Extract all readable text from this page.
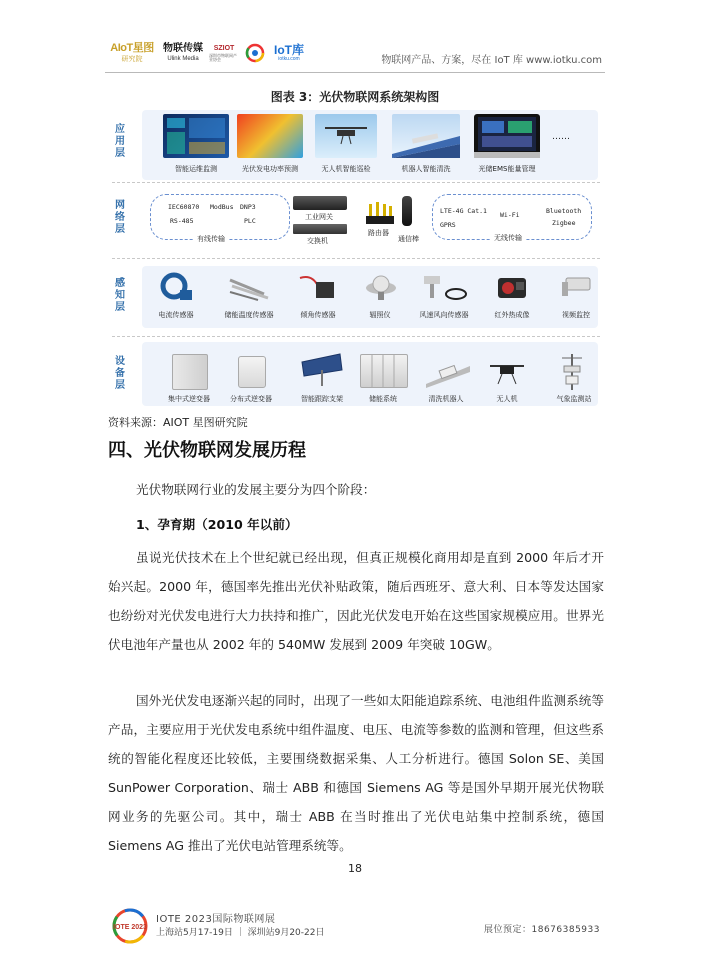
AIoT星图
研究院
物联传媒
Ulink Media
SZIOT
深圳市物联网产业协会
IoT库
iotku.com	物联网产品、方案，尽在 IoT 库 www.iotku.com
图表 3：光伏物联网系统架构图
应用层
……
智能运维监测	光伏发电功率预测	无人机智能巡检	机器人智能清洗	光储EMS能量管理
网络层
IEC60870 ModBus DNP3
RS-485	PLC
有线传输
工业网关
交换机
路由器
通信棒
LTE-4G Cat.1 Wi-Fi	Bluetooth
GPRS	Zigbee
无线传输
感知层
电流传感器	储能温度传感器	倾角传感器	辐照仪	风速风向传感器	红外热成像	视频监控
设备层
集中式逆变器	分布式逆变器	智能跟踪支架	储能系统	清洗机器人	无人机	气象监测站
资料来源：AIOT 星图研究院
四、光伏物联网发展历程
光伏物联网行业的发展主要分为四个阶段：
1、孕育期（2010 年以前）
虽说光伏技术在上个世纪就已经出现，但真正规模化商用却是直到 2000 年后才开始兴起。2000 年，德国率先推出光伏补贴政策，随后西班牙、意大利、日本等发达国家也纷纷对光伏发电进行大力扶持和推广，因此光伏发电开始在这些国家规模应用。世界光伏电池年产量也从 2002 年的 540MW 发展到 2009 年突破 10GW。
国外光伏发电逐渐兴起的同时，出现了一些如太阳能追踪系统、电池组件监测系统等产品，主要应用于光伏发电系统中组件温度、电压、电流等参数的监测和管理，但这些系统的智能化程度还比较低，主要围绕数据采集、人工分析进行。德国 Solon SE、美国 SunPower Corporation、瑞士 ABB 和德国 Siemens AG 等是国外早期开展光伏物联网业务的先驱公司。其中，瑞士 ABB 在当时推出了光伏电站集中控制系统，德国 Siemens AG 推出了光伏电站管理系统等。
18
IOTE 2023
IOTE 2023国际物联网展
上海站5月17-19日 ｜ 深圳站9月20-22日	展位预定：18676385933
